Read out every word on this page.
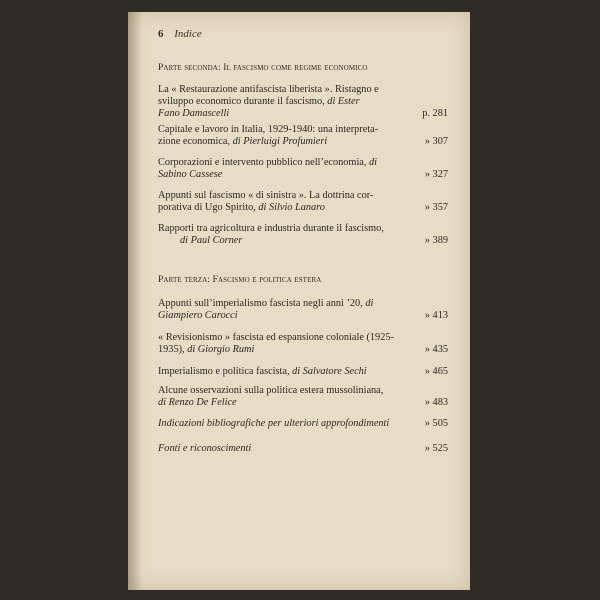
6 Indice
Parte seconda: Il fascismo come regime economico
La « Restaurazione antifascista liberista ». Ristagno e
sviluppo economico durante il fascismo, di Ester
Fano Damascelli	p. 281
Capitale e lavoro in Italia, 1929-1940: una interpreta-
zione economica, di Pierluigi Profumieri	» 307
Corporazioni e intervento pubblico nell’economia, di
Sabino Cassese	» 327
Appunti sul fascismo « di sinistra ». La dottrina cor-
porativa di Ugo Spirito, di Silvio Lanaro	» 357
Rapporti tra agricoltura e industria durante il fascismo,
di Paul Corner	» 389
Parte terza: Fascismo e politica estera
Appunti sull’imperialismo fascista negli anni ’20, di
Giampiero Carocci	» 413
« Revisionismo » fascista ed espansione coloniale (1925-
1935), di Giorgio Rumi	» 435
Imperialismo e politica fascista, di Salvatore Sechi	» 465
Alcune osservazioni sulla politica estera mussoliniana,
di Renzo De Felice	» 483
Indicazioni bibliografiche per ulteriori approfondimenti	» 505
Fonti e riconoscimenti	» 525
